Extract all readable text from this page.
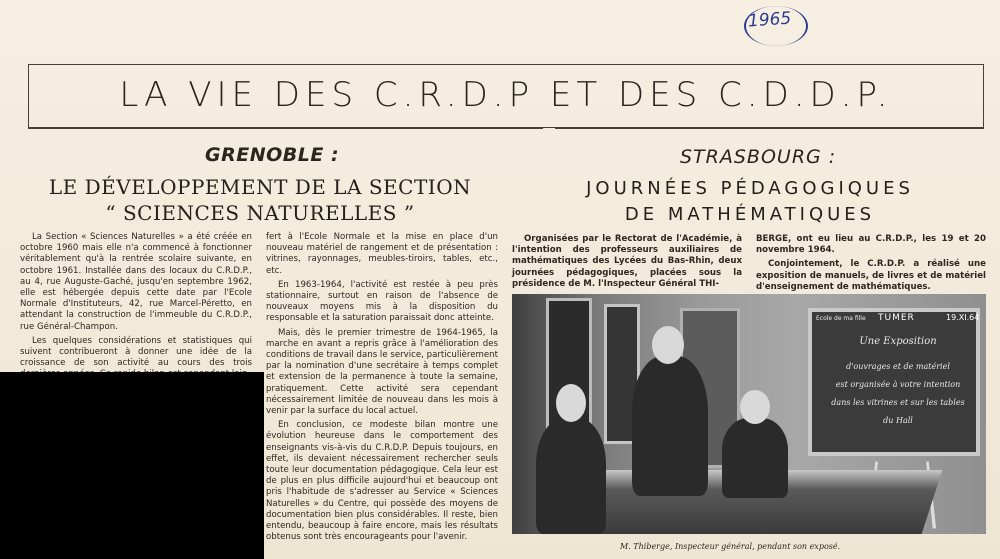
1965
LA VIE DES C.R.D.P ET DES C.D.D.P.
GRENOBLE :
LE DÉVELOPPEMENT DE LA SECTION
“ SCIENCES NATURELLES ”

La Section « Sciences Naturelles » a été créée en octobre 1960 mais elle n'a commencé à fonctionner véritablement qu'à la rentrée scolaire suivante, en octobre 1961. Installée dans des locaux du C.R.D.P., au 4, rue Auguste-Gaché, jusqu'en septembre 1962, elle est hébergée depuis cette date par l'Ecole Normale d'Instituteurs, 42, rue Marcel-Péretto, en attendant la construction de l'immeuble du C.R.D.P., rue Général-Champon.

Les quelques considérations et statistiques qui suivent contribueront à donner une idée de la croissance de son activité au cours des trois

fert à l'Ecole Normale et la mise en place d'un nouveau matériel de rangement et de présentation : vitrines, rayonnages, meubles-tiroirs, tables, etc., etc.

En 1963-1964, l'activité est restée à peu près stationnaire, surtout en raison de l'absence de nouveaux moyens mis à la disposition du responsable et la saturation paraissait donc atteinte.

Mais, dès le premier trimestre de 1964-1965, la marche en avant a repris grâce à l'amélioration des conditions de travail dans le service, particulièrement par la nomination d'une secrétaire à temps complet et extension de la permanence à toute la semaine, pratiquement. Cette activité sera cependant nécessairement limitée de nouveau dans les mois à venir par la surface du local actuel.

En conclusion, ce modeste bilan montre une évolution heureuse dans le comportement des enseignants vis-à-vis du C.R.D.P. Depuis toujours, en effet, ils devaient nécessairement rechercher seuls toute leur documentation pédagogique. Cela leur est de plus en plus difficile aujourd'hui et beaucoup ont pris l'habitude de s'adresser au Service « Sciences Naturelles » du Centre, qui possède des moyens de documentation bien plus considérables. Il reste, bien entendu, beaucoup à faire encore, mais les résultats obtenus sont très encourageants pour l'avenir.

STRASBOURG :
JOURNÉES PÉDAGOGIQUES
DE MATHÉMATIQUES

Organisées par le Rectorat de l'Académie, à l'intention des professeurs auxiliaires de mathématiques des Lycées du Bas-Rhin, deux journées pédagogiques, placées sous la présidence de M. l'Inspecteur Général THI-

BERGE, ont eu lieu au C.R.D.P., les 19 et 20 novembre 1964.

Conjointement, le C.R.D.P. a réalisé une exposition de manuels, de livres et de matériel d'enseignement de mathématiques.

Ecole de ma fille TUMER	19.XI.64
Une Exposition
d'ouvrages et de matériel
est organisée à votre intention
dans les vitrines et sur les tables
du Hall
M. Thiberge, Inspecteur général, pendant son exposé.
